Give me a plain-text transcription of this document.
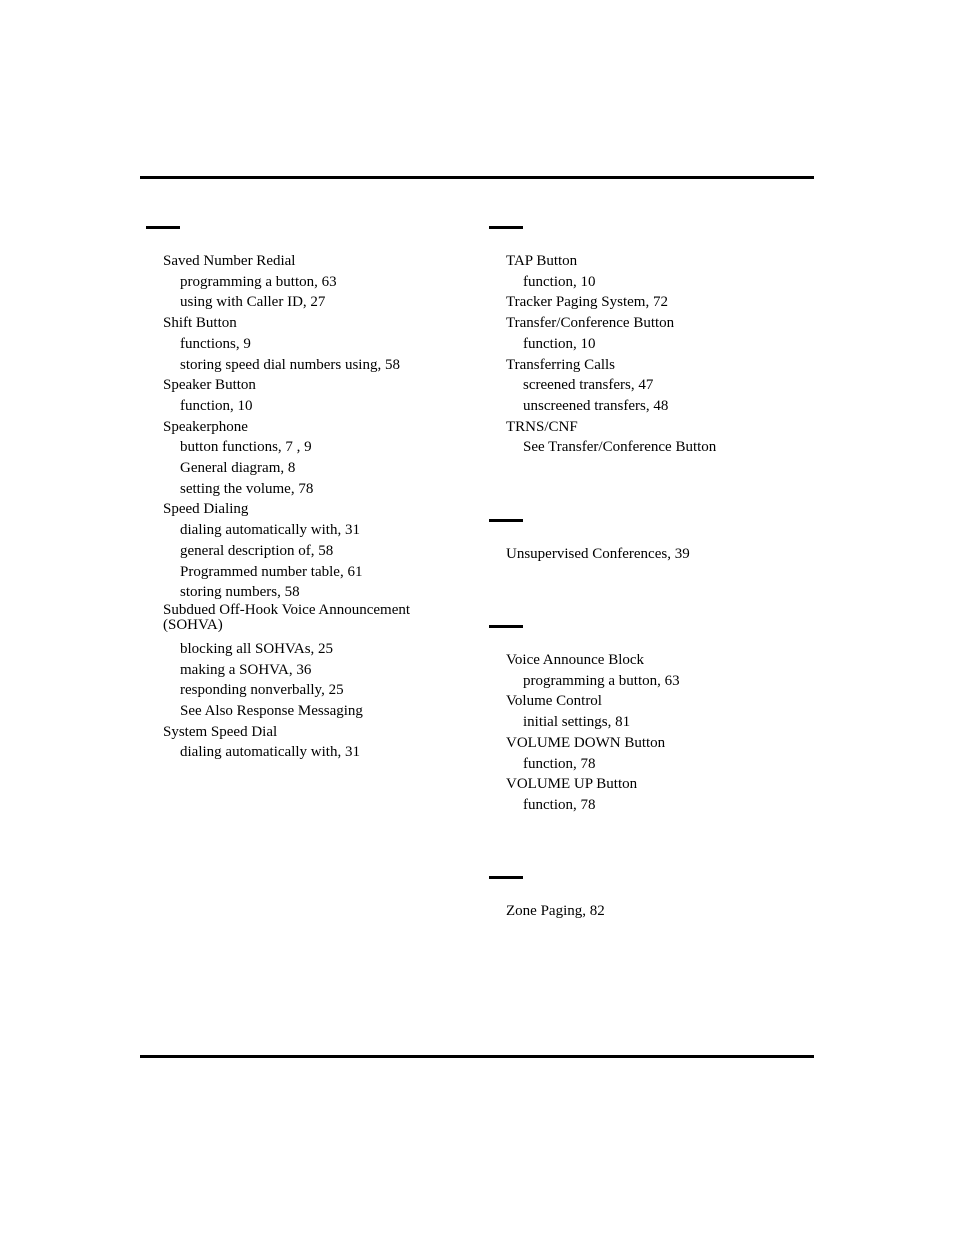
Saved Number Redial
programming a button, 63
using with Caller ID, 27
Shift Button
functions, 9
storing speed dial numbers using, 58
Speaker Button
function, 10
Speakerphone
button functions, 7 , 9
General diagram, 8
setting the volume, 78
Speed Dialing
dialing automatically with, 31
general description of, 58
Programmed number table, 61
storing numbers, 58
Subdued Off-Hook Voice Announcement (SOHVA)
blocking all SOHVAs, 25
making a SOHVA, 36
responding nonverbally, 25
See Also Response Messaging
System Speed Dial
dialing automatically with, 31
TAP Button
function, 10
Tracker Paging System, 72
Transfer/Conference Button
function, 10
Transferring Calls
screened transfers, 47
unscreened transfers, 48
TRNS/CNF
See Transfer/Conference Button
Unsupervised Conferences, 39
Voice Announce Block
programming a button, 63
Volume Control
initial settings, 81
VOLUME DOWN Button
function, 78
VOLUME UP Button
function, 78
Zone Paging, 82
